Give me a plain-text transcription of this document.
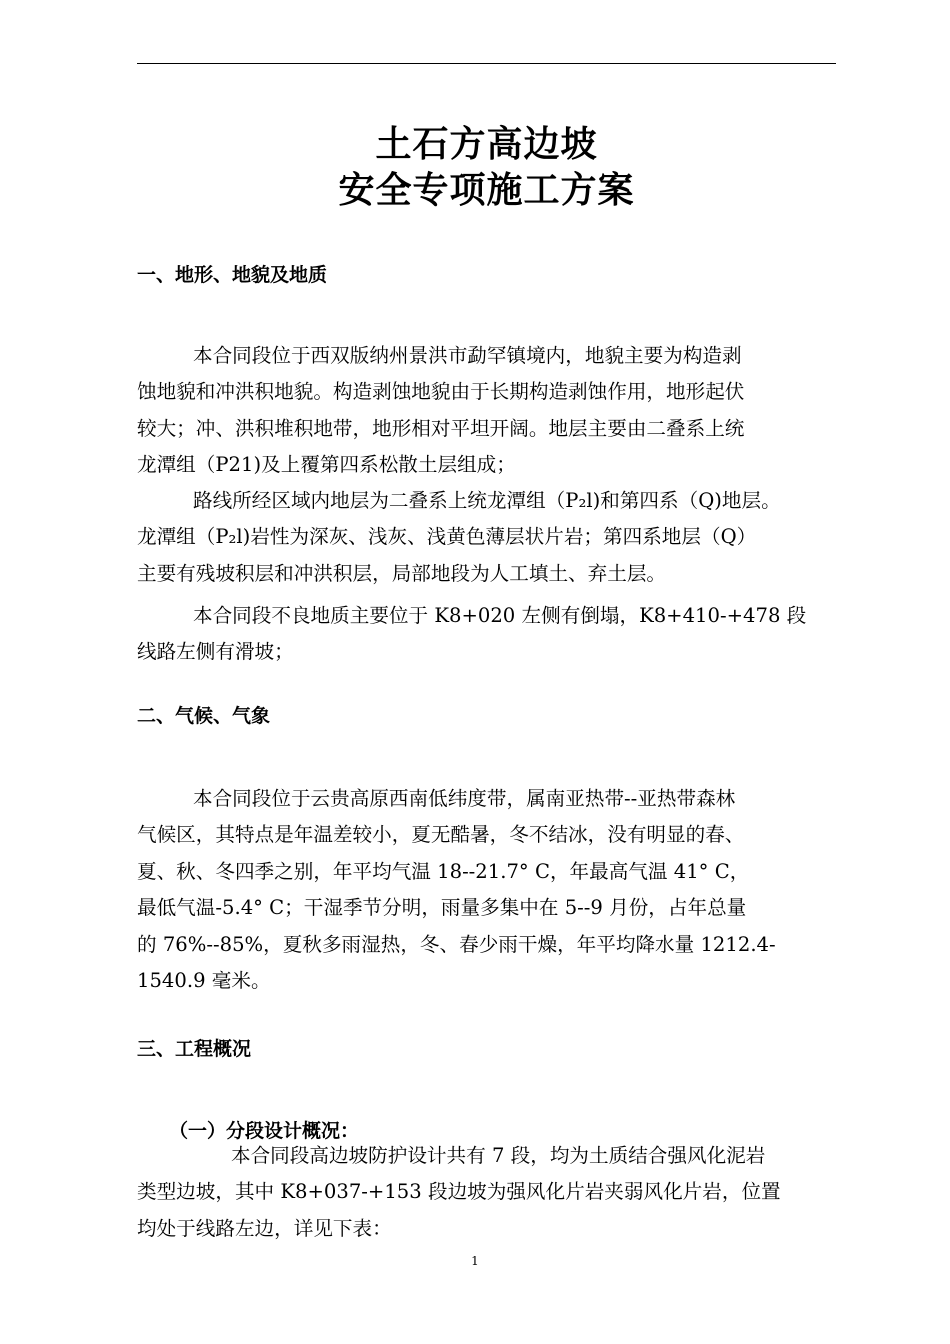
土石方高边坡
安全专项施工方案
一、地形、地貌及地质

本合同段位于西双版纳州景洪市勐罕镇境内，地貌主要为构造剥
蚀地貌和冲洪积地貌。构造剥蚀地貌由于长期构造剥蚀作用，地形起伏
较大；冲、洪积堆积地带，地形相对平坦开阔。地层主要由二叠系上统
龙潭组（P21)及上覆第四系松散土层组成；

路线所经区域内地层为二叠系上统龙潭组（P₂l)和第四系（Q)地层。
龙潭组（P₂l)岩性为深灰、浅灰、浅黄色薄层状片岩；第四系地层（Q）
主要有残坡积层和冲洪积层，局部地段为人工填土、弃土层。

本合同段不良地质主要位于 K8+020 左侧有倒塌，K8+410-+478 段
线路左侧有滑坡；

二、气候、气象

本合同段位于云贵高原西南低纬度带，属南亚热带--亚热带森林
气候区，其特点是年温差较小，夏无酷暑，冬不结冰，没有明显的春、
夏、秋、冬四季之别，年平均气温 18--21.7° C，年最高气温 41° C，
最低气温-5.4° C；干湿季节分明，雨量多集中在 5--9 月份，占年总量
的 76%--85%，夏秋多雨湿热，冬、春少雨干燥，年平均降水量 1212.4-
1540.9 毫米。

三、工程概况
（一）分段设计概况：

本合同段高边坡防护设计共有 7 段，均为土质结合强风化泥岩
类型边坡，其中 K8+037-+153 段边坡为强风化片岩夹弱风化片岩，位置
均处于线路左边，详见下表：

1
